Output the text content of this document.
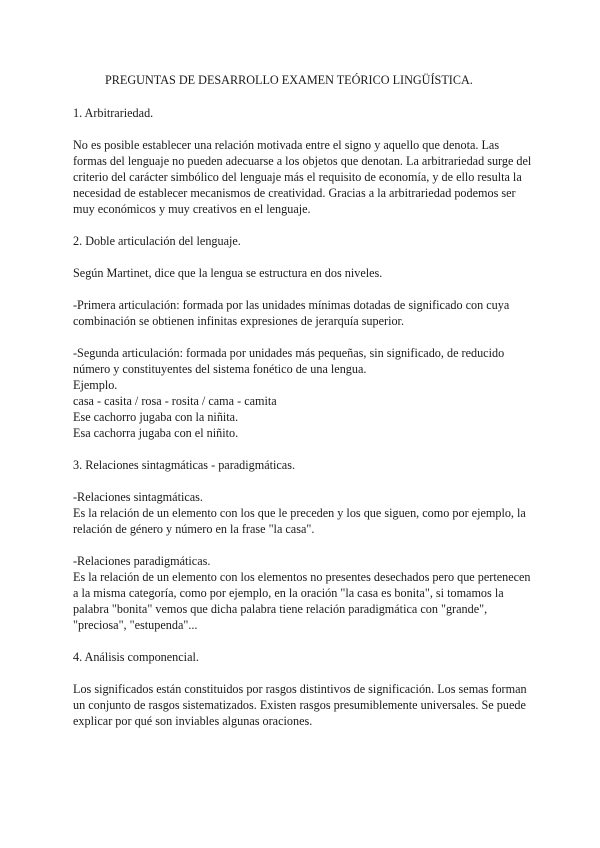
PREGUNTAS DE DESARROLLO EXAMEN TEÓRICO LINGÜÍSTICA.
1. Arbitrariedad.
No es posible establecer una relación motivada entre el signo y aquello que denota. Las
formas del lenguaje no pueden adecuarse a los objetos que denotan. La arbitrariedad surge del
criterio del carácter simbólico del lenguaje más el requisito de economía, y de ello resulta la
necesidad de establecer mecanismos de creatividad. Gracias a la arbitrariedad podemos ser
muy económicos y muy creativos en el lenguaje.
2. Doble articulación del lenguaje.
Según Martinet, dice que la lengua se estructura en dos niveles.
-Primera articulación: formada por las unidades mínimas dotadas de significado con cuya
combinación se obtienen infinitas expresiones de jerarquía superior.
-Segunda articulación: formada por unidades más pequeñas, sin significado, de reducido
número y constituyentes del sistema fonético de una lengua.
Ejemplo.
casa - casita / rosa - rosita / cama - camita
Ese cachorro jugaba con la niñita.
Esa cachorra jugaba con el niñito.
3. Relaciones sintagmáticas - paradigmáticas.
-Relaciones sintagmáticas.
Es la relación de un elemento con los que le preceden y los que siguen, como por ejemplo, la
relación de género y número en la frase "la casa".
-Relaciones paradigmáticas.
Es la relación de un elemento con los elementos no presentes desechados pero que pertenecen
a la misma categoría, como por ejemplo, en la oración "la casa es bonita", si tomamos la
palabra "bonita" vemos que dicha palabra tiene relación paradigmática con "grande",
"preciosa", "estupenda"...
4. Análisis componencial.
Los significados están constituidos por rasgos distintivos de significación. Los semas forman
un conjunto de rasgos sistematizados. Existen rasgos presumiblemente universales. Se puede
explicar por qué son inviables algunas oraciones.
